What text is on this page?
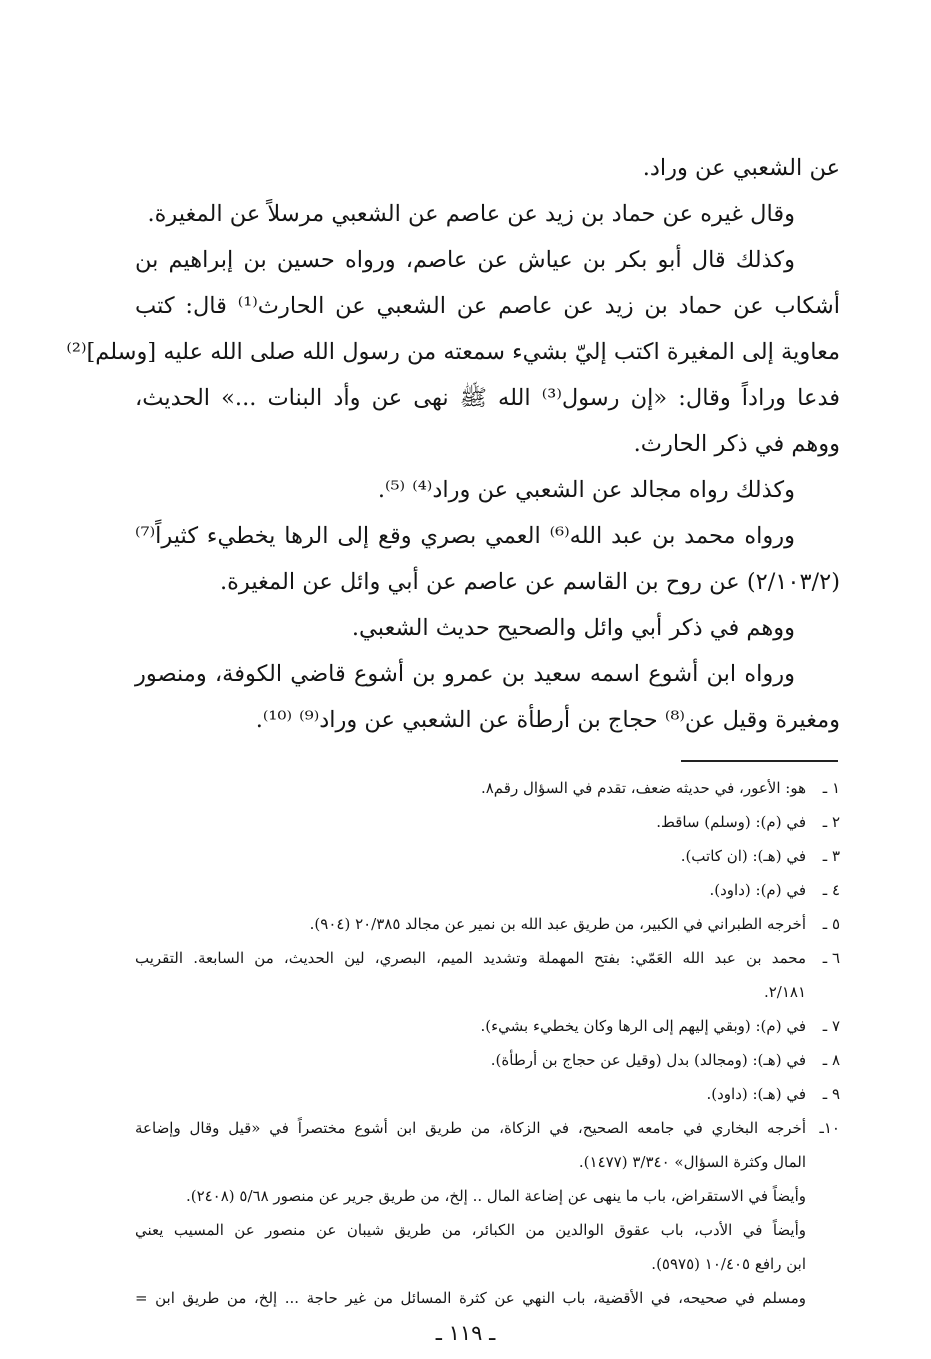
عن الشعبي عن وراد.
وقال غيره عن حماد بن زيد عن عاصم عن الشعبي مرسلاً عن المغيرة.
وكذلك قال أبو بكر بن عياش عن عاصم، ورواه حسين بن إبراهيم بن
أشكاب عن حماد بن زيد عن عاصم عن الشعبي عن الحارث⁽¹⁾ قال: كتب
معاوية إلى المغيرة اكتب إليّ بشيء سمعته من رسول الله صلى الله عليه [وسلم]⁽²⁾
فدعا وراداً وقال: «إن رسول⁽³⁾ الله ﷺ نهى عن وأد البنات ...» الحديث،
ووهم في ذكر الحارث.
وكذلك رواه مجالد عن الشعبي عن وراد⁽⁴⁾ ⁽⁵⁾.
ورواه محمد بن عبد الله⁽⁶⁾ العمي بصري وقع إلى الرها يخطيء كثيراً⁽⁷⁾
(٢/١٠٣/٢) عن روح بن القاسم عن عاصم عن أبي وائل عن المغيرة.
ووهم في ذكر أبي وائل والصحيح حديث الشعبي.
ورواه ابن أشوع اسمه سعيد بن عمرو بن أشوع قاضي الكوفة، ومنصور
ومغيرة وقيل عن⁽⁸⁾ حجاج بن أرطأة عن الشعبي عن وراد⁽⁹⁾ ⁽¹⁰⁾.
١ ـ
هو: الأعور، في حديثه ضعف، تقدم في السؤال رقم٨.
٢ ـ
في (م): (وسلم) ساقط.
٣ ـ
في (هـ): (ان كاتب).
٤ ـ
في (م): (داود).
٥ ـ
أخرجه الطبراني في الكبير، من طريق عبد الله بن نمير عن مجالد ٢٠/٣٨٥ (٩٠٤).
٦ ـ
محمد بن عبد الله العَمّي: بفتح المهملة وتشديد الميم، البصري، لين الحديث، من السابعة. التقريب
٢/١٨١.
٧ ـ
في (م): (وبقي إليهم إلى الرها وكان يخطيء بشيء).
٨ ـ
في (هـ): (ومجالد) بدل (وقيل عن حجاج بن أرطأة).
٩ ـ
في (هـ): (داود).
١٠ـ
أخرجه البخاري في جامعه الصحيح، في الزكاة، من طريق ابن أشوع مختصراً في «قيل وقال وإضاعة
المال وكثرة السؤال» ٣/٣٤٠ (١٤٧٧).
وأيضاً في الاستقراض، باب ما ينهى عن إضاعة المال .. إلخ، من طريق جرير عن منصور ٥/٦٨ (٢٤٠٨).
وأيضاً في الأدب، باب عقوق الوالدين من الكبائر، من طريق شيبان عن منصور عن المسيب يعني
ابن رافع ١٠/٤٠٥ (٥٩٧٥).
ومسلم في صحيحه، في الأقضية، باب النهي عن كثرة المسائل من غير حاجة ... إلخ، من طريق ابن =
ـ ١١٩ ـ
